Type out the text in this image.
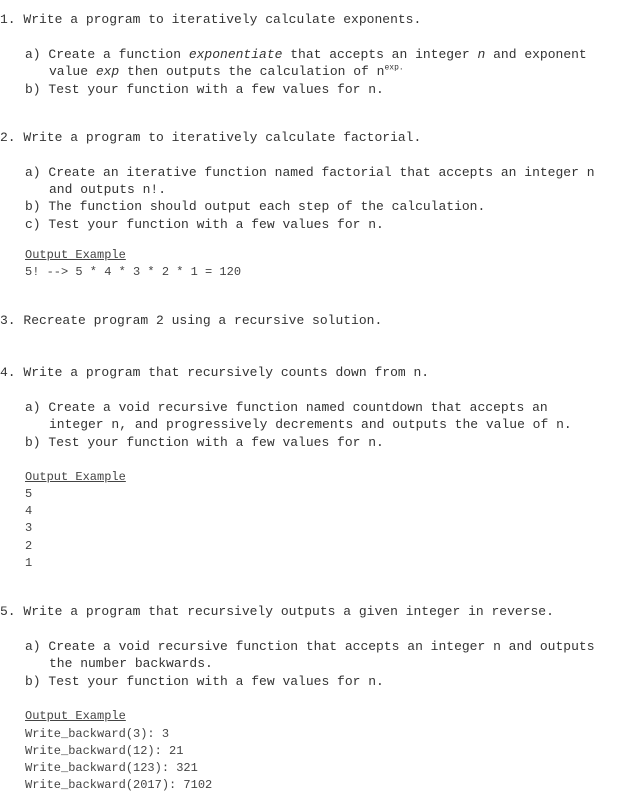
1. Write a program to iteratively calculate exponents.
a) Create a function exponentiate that accepts an integer n and exponent
value exp then outputs the calculation of $n^{exp.}$
b) Test your function with a few values for n.
2. Write a program to iteratively calculate factorial.
a) Create an iterative function named factorial that accepts an integer n
and outputs n!.
b) The function should output each step of the calculation.
c) Test your function with a few values for n.
Output Example
5! --> 5 * 4 * 3 * 2 * 1 = 120
3. Recreate program 2 using a recursive solution.
4. Write a program that recursively counts down from n.
a) Create a void recursive function named countdown that accepts an
integer n, and progressively decrements and outputs the value of n.
b) Test your function with a few values for n.
Output Example
5
4
3
2
1
5. Write a program that recursively outputs a given integer in reverse.
a) Create a void recursive function that accepts an integer n and outputs
the number backwards.
b) Test your function with a few values for n.
Output Example
Write_backward(3): 3
Write_backward(12): 21
Write_backward(123): 321
Write_backward(2017): 7102
